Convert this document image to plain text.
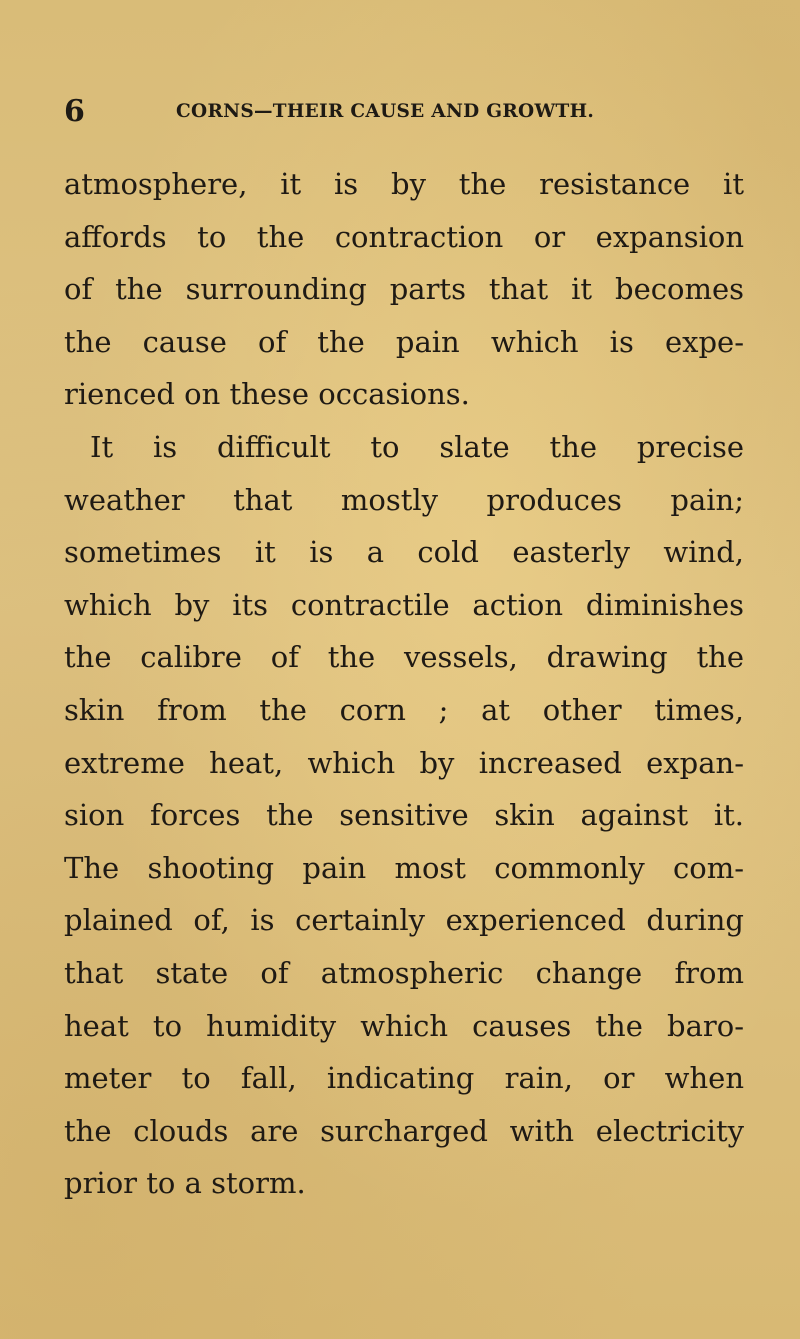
6	CORNS—THEIR CAUSE AND GROWTH.
atmosphere, it is by the resistance it
affords to the contraction or expansion
of the surrounding parts that it becomes
the cause of the pain which is expe-
rienced on these occasions.
It is difficult to slate the precise
weather that mostly produces pain;
sometimes it is a cold easterly wind,
which by its contractile action diminishes
the calibre of the vessels, drawing the
skin from the corn ; at other times,
extreme heat, which by increased expan-
sion forces the sensitive skin against it.
The shooting pain most commonly com-
plained of, is certainly experienced during
that state of atmospheric change from
heat to humidity which causes the baro-
meter to fall, indicating rain, or when
the clouds are surcharged with electricity
prior to a storm.
